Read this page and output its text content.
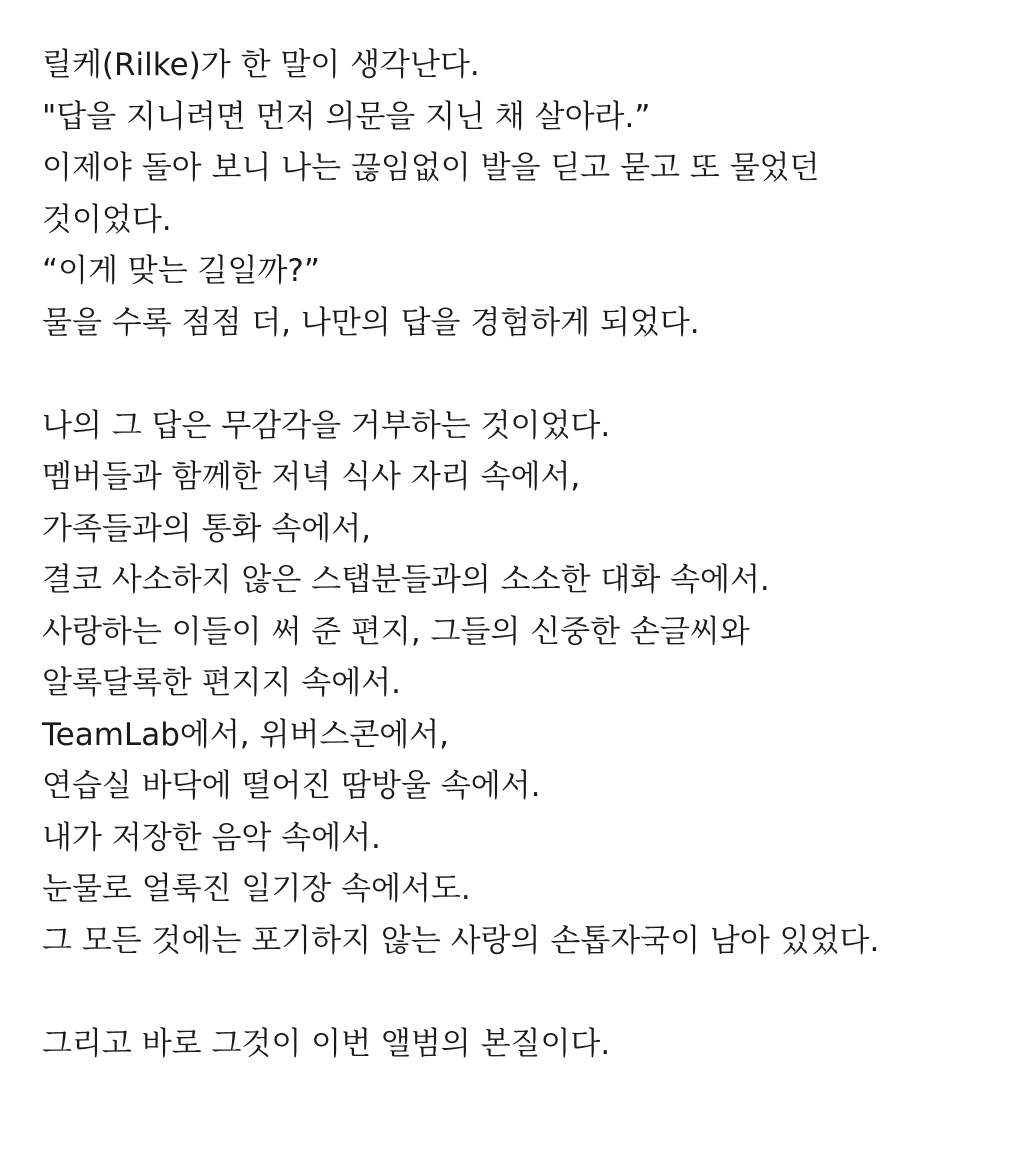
릴케(Rilke)가 한 말이 생각난다.
"답을 지니려면 먼저 의문을 지닌 채 살아라.”
이제야 돌아 보니 나는 끊임없이 발을 딛고 묻고 또 물었던
것이었다.
“이게 맞는 길일까?”
물을 수록 점점 더, 나만의 답을 경험하게 되었다.
나의 그 답은 무감각을 거부하는 것이었다.
멤버들과 함께한 저녁 식사 자리 속에서,
가족들과의 통화 속에서,
결코 사소하지 않은 스탭분들과의 소소한 대화 속에서.
사랑하는 이들이 써 준 편지, 그들의 신중한 손글씨와
알록달록한 편지지 속에서.
TeamLab에서, 위버스콘에서,
연습실 바닥에 떨어진 땀방울 속에서.
내가 저장한 음악 속에서.
눈물로 얼룩진 일기장 속에서도.
그 모든 것에는 포기하지 않는 사랑의 손톱자국이 남아 있었다.
그리고 바로 그것이 이번 앨범의 본질이다.
